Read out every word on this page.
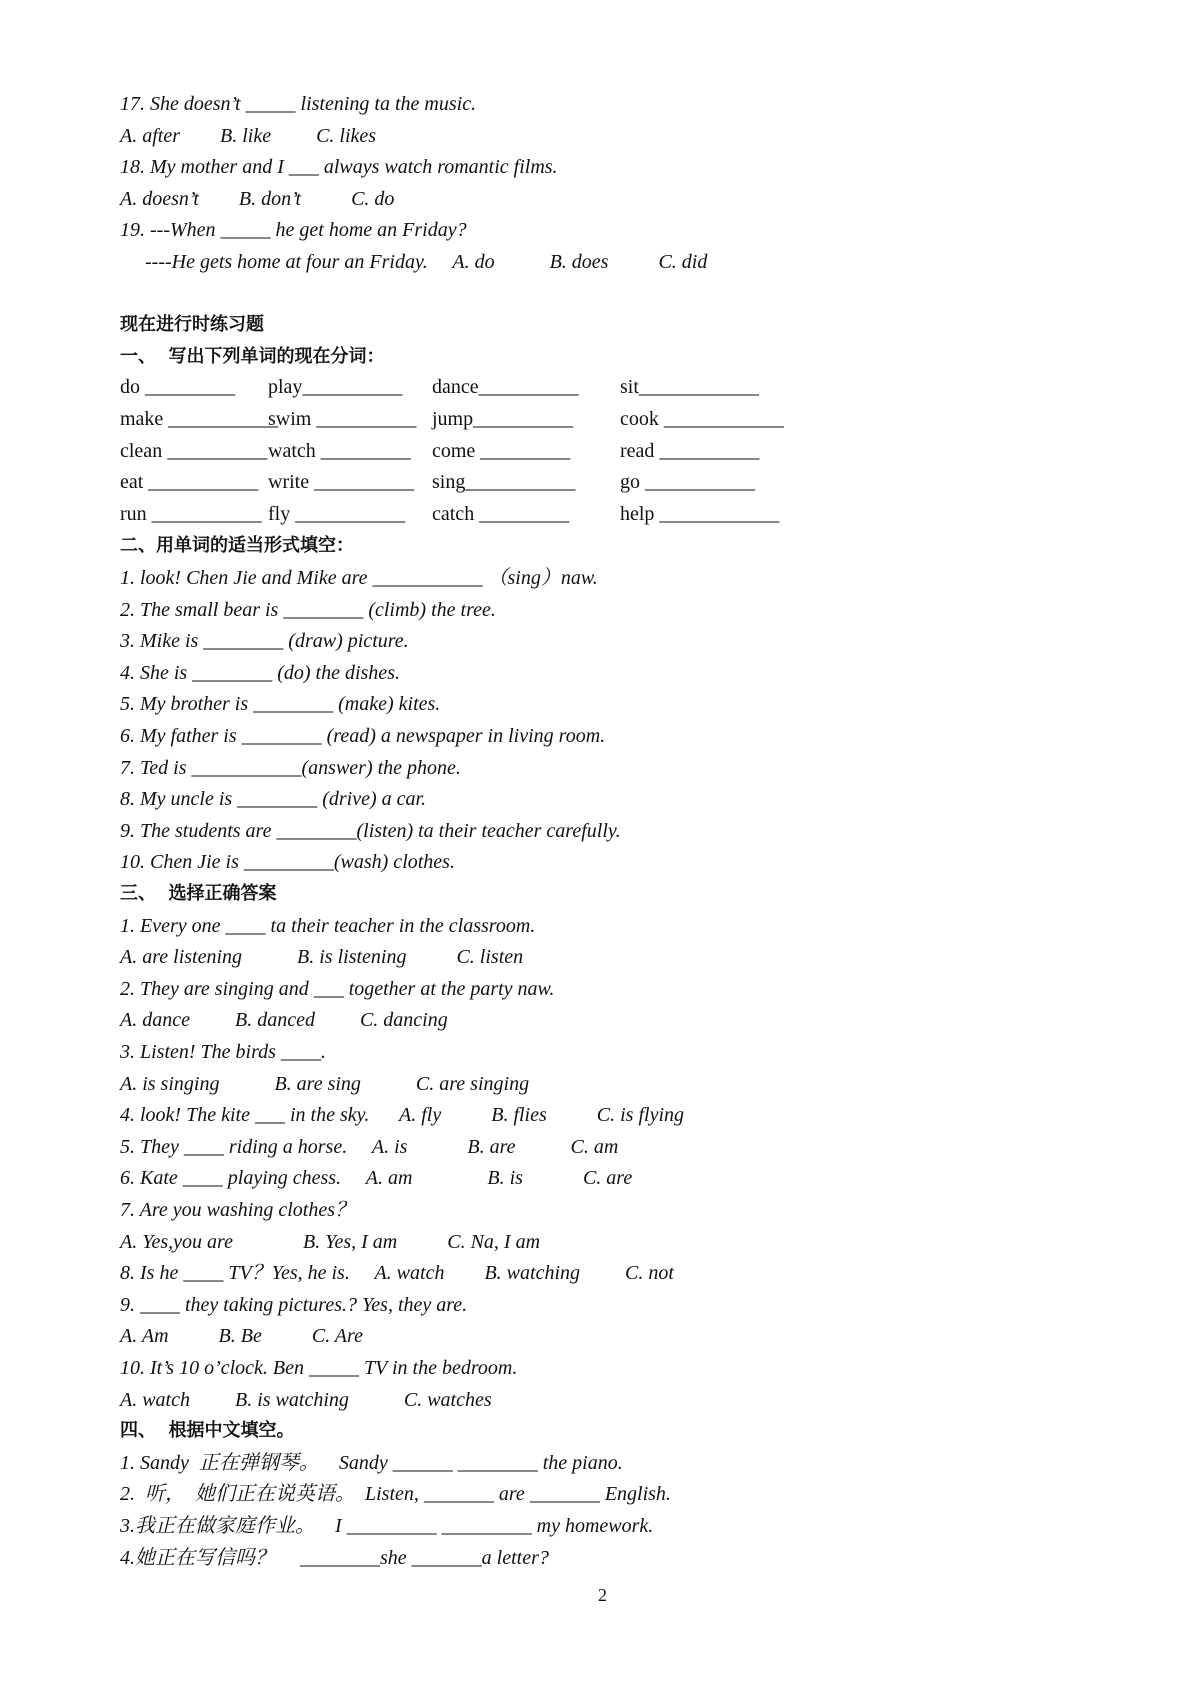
17. She doesn’t _____ listening ta the music.
A. after        B. like         C. likes
18. My mother and I ___ always watch romantic films.
A. doesn’t        B. don’t          C. do
19. ---When _____ he get home an Friday?
----He gets home at four an Friday.     A. do           B. does          C. did
现在进行时练习题
一、  写出下列单词的现在分词：
二、用单词的适当形式填空：
1. look! Chen Jie and Mike are ___________ （sing）naw.
2. The small bear is ________ (climb) the tree.
3. Mike is ________ (draw) picture.
4. She is ________ (do) the dishes.
5. My brother is ________ (make) kites.
6. My father is ________ (read) a newspaper in living room.
7. Ted is ___________(answer) the phone.
8. My uncle is ________ (drive) a car.
9. The students are ________(listen) ta their teacher carefully.
10. Chen Jie is _________(wash) clothes.
三、  选择正确答案
1. Every one ____ ta their teacher in the classroom.
A. are listening           B. is listening          C. listen
2. They are singing and ___ together at the party naw.
A. dance         B. danced         C. dancing
3. Listen! The birds ____.
A. is singing           B. are sing           C. are singing
4. look! The kite ___ in the sky.      A. fly          B. flies          C. is flying
5. They ____ riding a horse.     A. is            B. are           C. am
6. Kate ____ playing chess.     A. am               B. is            C. are
7. Are you washing clothes？
A. Yes,you are              B. Yes, I am          C. Na, I am
8. Is he ____ TV？Yes, he is.     A. watch        B. watching         C. not
9. ____ they taking pictures.? Yes, they are.
A. Am          B. Be          C. Are
10. It’s 10 o’clock. Ben _____ TV in the bedroom.
A. watch         B. is watching           C. watches
四、  根据中文填空。
1. Sandy  正在弹钢琴。    Sandy ______ ________ the piano.
2.  听，  她们正在说英语。  Listen, _______ are _______ English.
3.我正在做家庭作业。    I _________ _________ my homework.
4.她正在写信吗？     ________she _______a letter?
do _________ play__________ dance__________ sit____________
make ___________
swim __________ jump__________ cook ____________
clean __________ watch _________ come _________ read __________
eat ___________ write __________ sing___________ go ___________
run ___________ fly ___________ catch _________	help ____________
2
